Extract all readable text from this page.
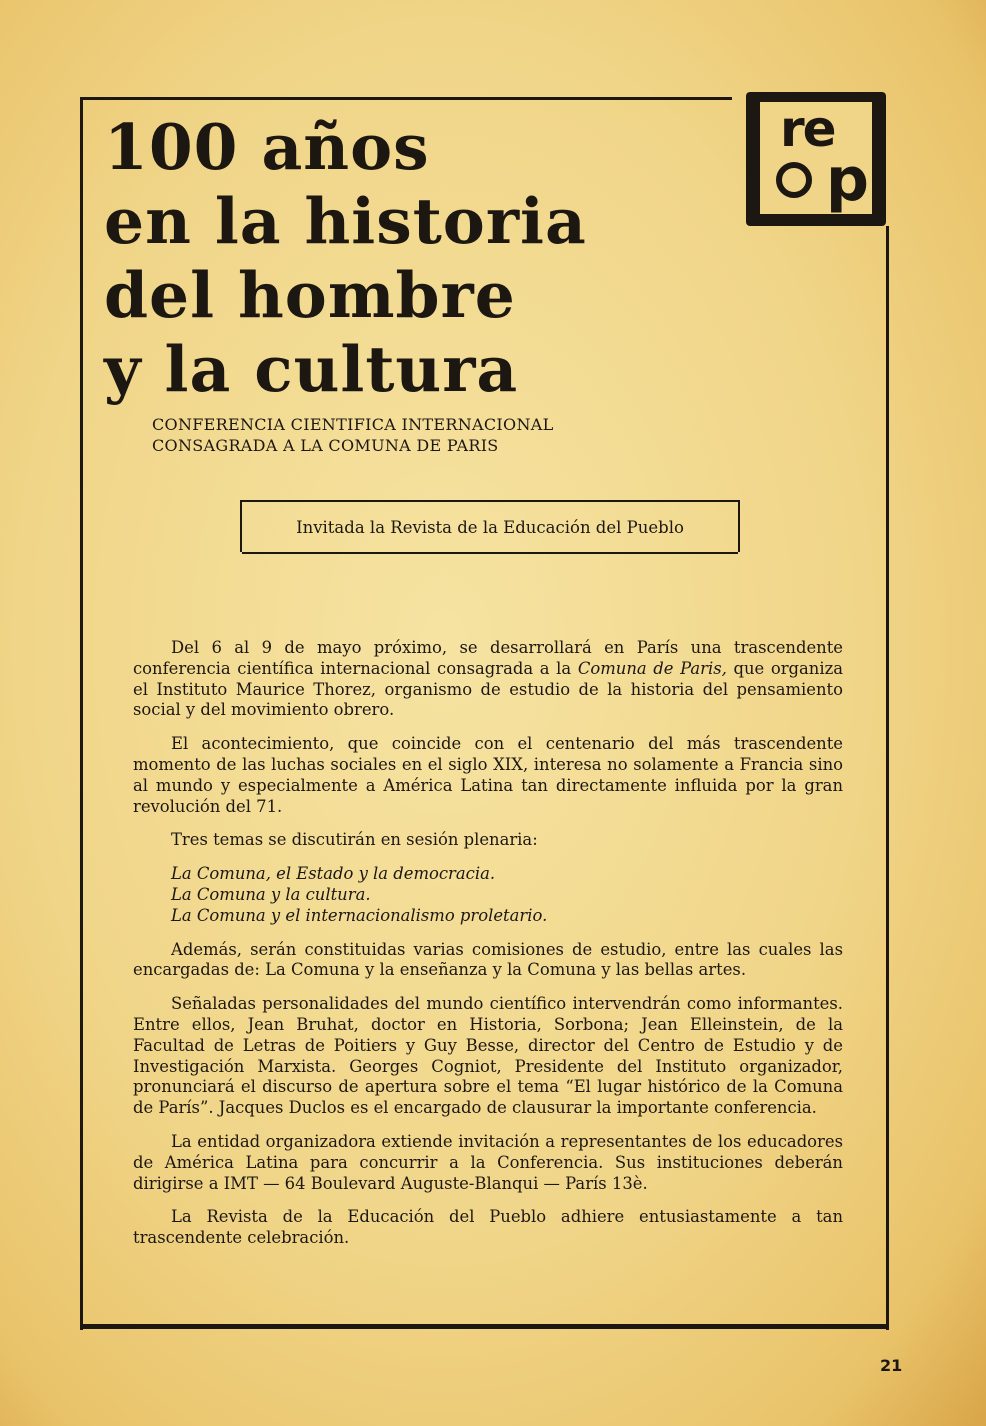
re
p
100 años
en la historia
del hombre
y la cultura
CONFERENCIA CIENTIFICA INTERNACIONAL
CONSAGRADA A LA COMUNA DE PARIS
Invitada la Revista de la Educación del Pueblo

Del 6 al 9 de mayo próximo, se desarrollará en París una trascendente conferencia científica internacional consagrada a la Comuna de Paris, que organiza el Instituto Maurice Thorez, organismo de estudio de la historia del pensamiento social y del movimiento obrero.

El acontecimiento, que coincide con el centenario del más trascendente momento de las luchas sociales en el siglo XIX, interesa no solamente a Francia sino al mundo y especialmente a América Latina tan directamente influida por la gran revolución del 71.

Tres temas se discutirán en sesión plenaria:

La Comuna, el Estado y la democracia.
La Comuna y la cultura.
La Comuna y el internacionalismo proletario.

Además, serán constituidas varias comisiones de estudio, entre las cuales las encargadas de: La Comuna y la enseñanza y la Comuna y las bellas artes.

Señaladas personalidades del mundo científico intervendrán como informantes. Entre ellos, Jean Bruhat, doctor en Historia, Sorbona; Jean Elleinstein, de la Facultad de Letras de Poitiers y Guy Besse, director del Centro de Estudio y de Investigación Marxista. Georges Cogniot, Presidente del Instituto organizador, pronunciará el discurso de apertura sobre el tema “El lugar histórico de la Comuna de París”. Jacques Duclos es el encargado de clausurar la importante conferencia.

La entidad organizadora extiende invitación a representantes de los educadores de América Latina para concurrir a la Conferencia. Sus instituciones deberán dirigirse a IMT — 64 Boulevard Auguste-Blanqui — París 13è.

La Revista de la Educación del Pueblo adhiere entusiastamente a tan trascendente celebración.

21
